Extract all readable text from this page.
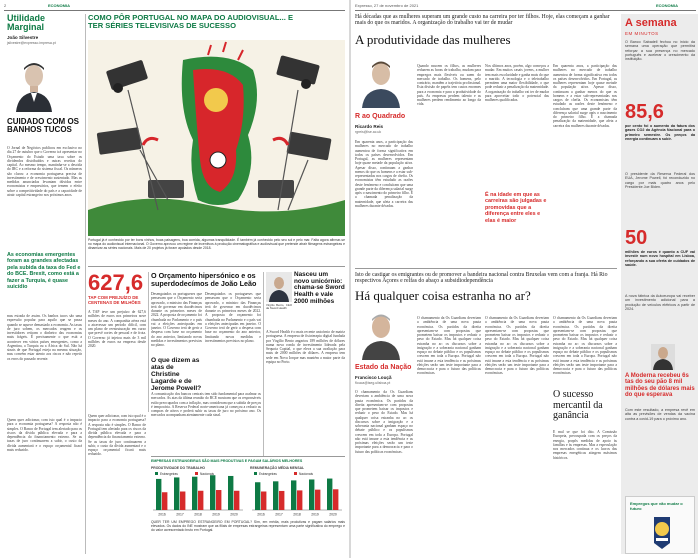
2	ECONOMIA
Utilidade
Marginal
João Silvestre
jsilvestre@expresso.impresa.pt
CUIDADO COM OS BANHOS TUCOS
O Jornal de Negócios publicou em exclusivo no dia 27 de outubro que o Governo irá apresentar no Orçamento do Estado uma taxa sobre os dividendos distribuídos e outras receitas do capital. Ao mesmo tempo, mantinha-se a descida do IRC e a reforma do sistema fiscal. Os números são claros: a economia portuguesa precisa de investimento e de crescimento sustentado. Mas as medidas anunciadas levantam dúvidas entre economistas e empresários, que temem o efeito sobre a competitividade do país e a capacidade de atrair capital estrangeiro nos próximos anos.
As economias emergentes foram as grandes afectadas pela subida da taxa do Fed e do BCE. Brexit, como está a fazer a Turquia, é quase suicídio
mas estrada de assim. Os banhos tucos são uma expressão popular para aquilo que se passa quando se aquece demasiado a economia. As taxas de juro sobem, os mercados reagem e os investidores retiram o dinheiro das economias mais frágeis. É precisamente o que está a acontecer em vários países emergentes, como a Argentina, a Turquia ou a África do Sul. Não há sinais de que Portugal esteja na mesma situação, mas convém estar atento aos riscos e não repetir os erros do passado recente.
Quem quer adicionar, com isto qual é o impacto para a economia portuguesa? A resposta não é simples. O Banco de Portugal tem alertado para os riscos da dívida pública elevada e para a dependência do financiamento externo. Se as taxas de juro continuarem a subir, o custo da dívida aumentará e o espaço orçamental ficará mais reduzido.
COMO PÔR PORTUGAL NO MAPA DO AUDIOVISUAL... E TER SÉRIES TELEVISIVAS DE SUCESSO
Portugal já é conhecido por ter bons vinhos, boas paisagens, boa comida, algumas tranquilidade. É também já conhecido pelo seu sol e pelo mar. Falta agora afirmar-se no mapa do audiovisual internacional. O Governo aprovou um regime de incentivos à produção cinematográfica e audiovisual que pretende atrair filmagens estrangeiras e dinamizar as séries nacionais. Mais de 20 projetos já foram apoiados desde 2018.
627,6
TAP COM PREJUÍZO DE CENTENAS DE MILHÕES
A TAP teve um prejuízo de 627,6 milhões de euros nos primeiros nove meses do ano. A companhia aérea está a atravessar um período difícil, com um plano de reestruturação em curso que prevê cortes de pessoal e de frota. O Governo já injetou mais de 3 mil milhões de euros na empresa desde 2020.
O Orçamento hipersónico e os superdodecímos de João Leão
Desengatados os portugueses que pensavam que o Orçamento seria aprovado, o ministro das Finanças terá de governar em duodécimos durante os primeiros meses de 2022. A proposta de orçamento foi chumbada no Parlamento e o país vai a eleições antecipadas em janeiro. O Governo terá de gerir a despesa com base no orçamento do ano anterior, limitando novas medidas e investimentos previstos no plano.
Desengatados os portugueses que pensavam que o Orçamento seria aprovado, o ministro das Finanças terá de governar em duodécimos durante os primeiros meses de 2022. A proposta de orçamento foi chumbada no Parlamento e o país vai a eleições antecipadas em janeiro. O Governo terá de gerir a despesa com base no orçamento do ano anterior, limitando novas medidas e investimentos previstos no plano.
O que dizem as atas de Christine Lagarde e de Jerome Powell?
A comunicação dos bancos centrais tem sido fundamental para acalmar os mercados. As atas da última reunião do BCE mostram que os responsáveis estão preocupados com a inflação, mas consideram que a subida de preços é temporária. A Reserva Federal norte-americana já começou a reduzir as compras de ativos e poderá subir as taxas de juro no próximo ano. Os mercados acompanham atentamente cada sinal.
Nasceu um novo unicórnio: chama-se Sword Health e vale 2000 milhões
Virgílio Bento, CEO da Sword Health
A Sword Health é o mais recente unicórnio de matriz portuguesa. A empresa de fisioterapia digital fundada por Virgílio Bento angariou 189 milhões de dólares numa nova ronda de investimento liderada pela Sequoia Capital, o que eleva a sua avaliação para mais de 2000 milhões de dólares. A empresa tem sede em Nova Iorque mas mantém a maior parte da equipa no Porto.
EMPRESAS ESTRANGEIRAS SÃO MAIS PRODUTIVAS E PAGAM SALÁRIOS MELHORES
PRODUTIVIDADE DO TRABALHO	REMUNERAÇÃO MÉDIA MENSAL
2016	2017	2018	2019	2020
Estrangeiras	Nacionais
2016	2017	2018	2019	2020
Estrangeiras	Nacionais
QUER TER UM EMPREGO ESTRANGEIRO EM PORTUGAL? Sim, em média, mais produtivas e pagam salários mais elevados. Os dados do INE mostram que as filiais de empresas estrangeiras representam uma parte significativa do emprego e do valor acrescentado bruto em Portugal.
Quem quer adicionar, com isto qual é o impacto para a economia portuguesa? A resposta não é simples. O Banco de Portugal tem alertado para os riscos da dívida pública elevada e para a dependência do financiamento externo. Se as taxas de juro continuarem a subir, o custo da dívida aumentará e o espaço orçamental ficará mais reduzido.
Expresso, 27 de novembro de 2021	ECONOMIA
Há décadas que as mulheres superam um grande custo na carreira por ter filhos. Hoje, elas começam a ganhar mais do que os maridos. A organização do trabalho vai ter de mudar
A produtividade das mulheres
R ao Quadrado
Ricardo Reis
rgreis@lse.ac.uk
Em quarenta anos, a participação das mulheres no mercado de trabalho aumentou de forma significativa em todos os países desenvolvidos. Em Portugal, as mulheres representam hoje quase metade da população ativa. Apesar disso, continuam a ganhar menos do que os homens e a estar sub-representadas nos cargos de chefia. Os economistas têm estudado as razões deste fenómeno e concluíram que uma grande parte da diferença salarial surge após o nascimento do primeiro filho. É a chamada penalização da maternidade, que afeta a carreira das mulheres durante décadas.
Quando nascem os filhos, as mulheres reduzem as horas de trabalho, mudam para empregos mais flexíveis ou saem do mercado de trabalho. Os homens, pelo contrário, mantêm a trajetória profissional. Esta divisão de papéis tem custos enormes para a economia e para a produtividade do país. As empresas perdem talento e as mulheres perdem rendimento ao longo da vida.
Nos últimos anos, porém, algo começou a mudar. Em muitos casais jovens, a mulher tem mais escolaridade e ganha mais do que o marido. A tecnologia e o teletrabalho permitem uma maior flexibilidade, o que pode reduzir a penalização da maternidade. A organização do trabalho vai ter de mudar para aproveitar todo o potencial das mulheres qualificadas.
É na idade em que as carreiras são julgadas e promovidas que a diferença entre eles e elas é maior
Em quarenta anos, a participação das mulheres no mercado de trabalho aumentou de forma significativa em todos os países desenvolvidos. Em Portugal, as mulheres representam hoje quase metade da população ativa. Apesar disso, continuam a ganhar menos do que os homens e a estar sub-representadas nos cargos de chefia. Os economistas têm estudado as razões deste fenómeno e concluíram que uma grande parte da diferença salarial surge após o nascimento do primeiro filho. É a chamada penalização da maternidade, que afeta a carreira das mulheres durante décadas.
Isto de castigar os emigrantes ou de promover a bandeira nacional contra Bruxelas vem com a franja. Há Rio respectivos Açores e relfas do abaço a subsidiodependência
Há qualquer coisa estranha no ar?
Estado da Nação
Francisco Louçã
flouca@iseg.ulisboa.pt
O chamamento da Os Guardians deveriam a ambiência de uma nova pauta económica. Os partidos da direita apresentam-se com propostas que prometem baixar os impostos e reduzir o peso do Estado. Mas há qualquer coisa estranha no ar: os discursos sobre a imigração e a soberania nacional ganham espaço no debate público e os populismos crescem em toda a Europa. Portugal não está imune a esta tendência e as próximas eleições serão um teste importante para a democracia e para o futuro das políticas económicas.
O chamamento da Os Guardians deveriam a ambiência de uma nova pauta económica. Os partidos da direita apresentam-se com propostas que prometem baixar os impostos e reduzir o peso do Estado. Mas há qualquer coisa estranha no ar: os discursos sobre a imigração e a soberania nacional ganham espaço no debate público e os populismos crescem em toda a Europa. Portugal não está imune a esta tendência e as próximas eleições serão um teste importante para a democracia e para o futuro das políticas económicas.
O chamamento da Os Guardians deveriam a ambiência de uma nova pauta económica. Os partidos da direita apresentam-se com propostas que prometem baixar os impostos e reduzir o peso do Estado. Mas há qualquer coisa estranha no ar: os discursos sobre a imigração e a soberania nacional ganham espaço no debate público e os populismos crescem em toda a Europa. Portugal não está imune a esta tendência e as próximas eleições serão um teste importante para a democracia e para o futuro das políticas económicas.
O sucesso mercantil da ganância
O chamamento da Os Guardians deveriam a ambiência de uma nova pauta económica. Os partidos da direita apresentam-se com propostas que prometem baixar os impostos e reduzir o peso do Estado. Mas há qualquer coisa estranha no ar: os discursos sobre a imigração e a soberania nacional ganham espaço no debate público e os populismos crescem em toda a Europa. Portugal não está imune a esta tendência e as próximas eleições serão um teste importante para a democracia e para o futuro das políticas económicas.
É mal se que foi dito. A Comissão Europeia, preocupada com os preços da energia, propôs medidas de apoio às famílias e às empresas. Mas a especulação nos mercados continua e os lucros das empresas energéticas atingem máximos históricos.
A semana
EM MINUTOS
O Banco Sabadell fechou no início da semana uma operação que permitirá reforçar a sua presença no mercado português e acelerar o crescimento da instituição.
85,6
por cento foi o aumento da fatura dos gases CO2 da Agência Nacional para o primeiro semestre. Os preços da energia continuam a subir.
O presidente da Reserva Federal dos EUA, Jerome Powell, foi reconduzido no cargo por mais quatro anos pelo Presidente Joe Biden.
50
milhões de euros é quanto a CUF vai investir num novo hospital em Lisboa, reforçando a sua oferta de cuidados de saúde.
A nova fábrica da Autoeuropa vai receber um investimento adicional para a produção de veículos elétricos a partir de 2024.
A Moderna recebeu 6s tas do seu pão 8 mil milhões de dólares mais do que esperava
Com este resultado, a empresa revê em alta as previsões de vendas da vacina contra a covid-19 para o próximo ano.
Empregos que vão mudar o futuro
